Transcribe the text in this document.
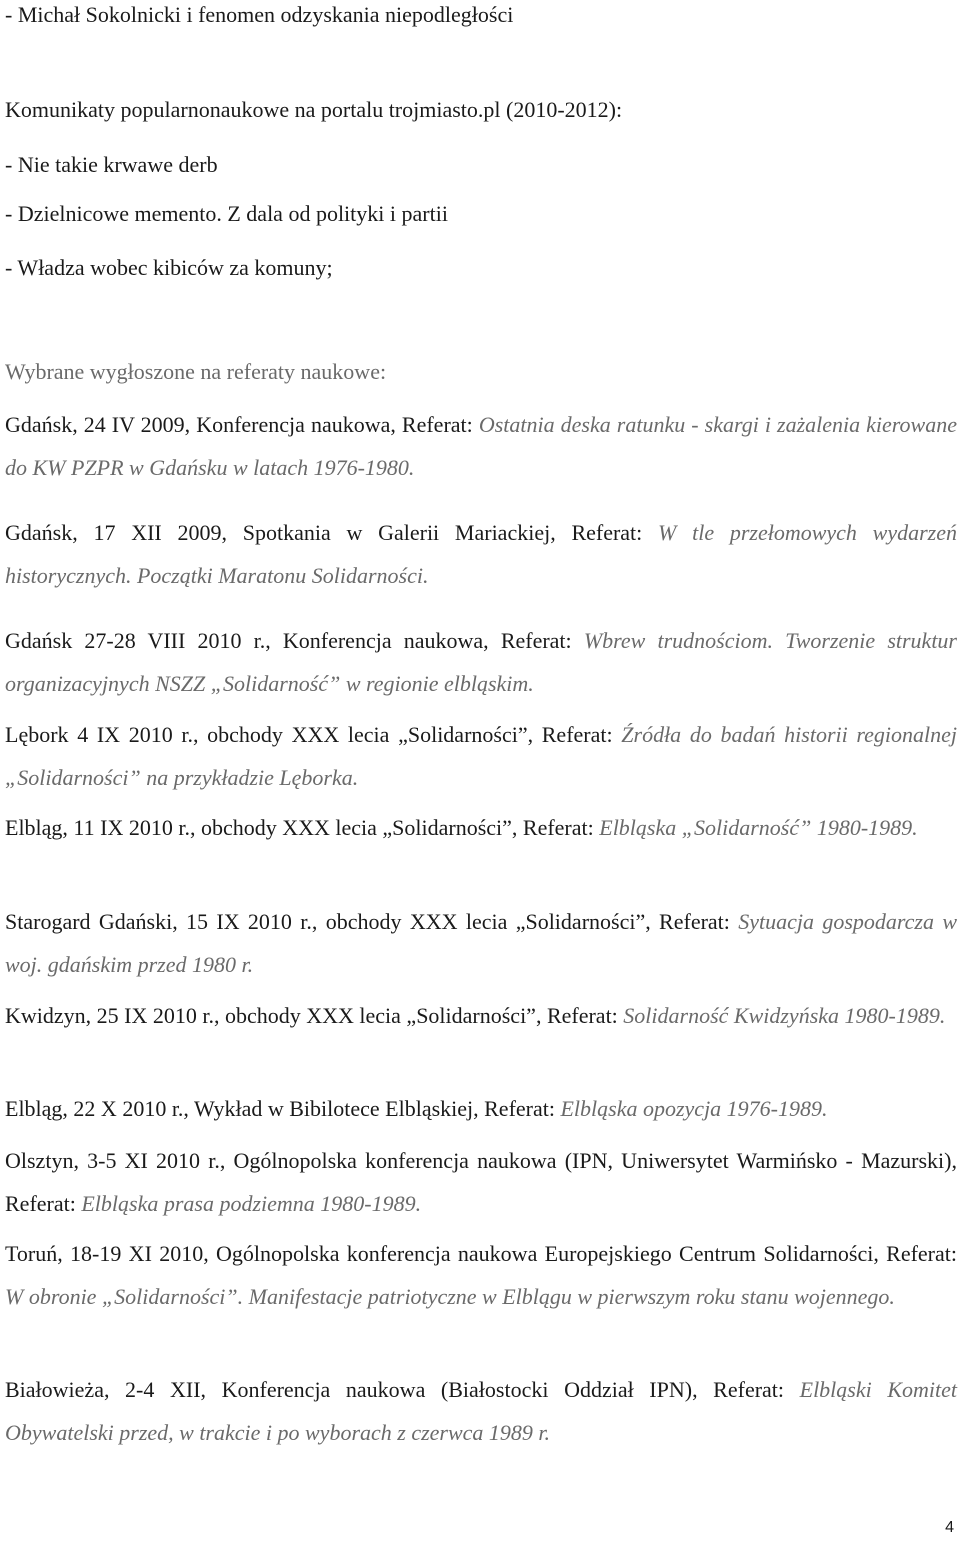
- Michał Sokolnicki i fenomen odzyskania niepodległości

Komunikaty popularnonaukowe na portalu trojmiasto.pl (2010-2012):

- Nie takie krwawe derb

- Dzielnicowe memento. Z dala od polityki i partii

- Władza wobec kibiców za komuny;

Wybrane wygłoszone na referaty naukowe:

Gdańsk, 24 IV 2009, Konferencja naukowa, Referat: Ostatnia deska ratunku - skargi i zażalenia kierowane do KW PZPR w Gdańsku w latach 1976-1980.

Gdańsk, 17 XII 2009, Spotkania w Galerii Mariackiej, Referat: W tle przełomowych wydarzeń historycznych. Początki Maratonu Solidarności.

Gdańsk 27-28 VIII 2010 r., Konferencja naukowa, Referat: Wbrew trudnościom. Tworzenie struktur organizacyjnych NSZZ „Solidarność” w regionie elbląskim.

Lębork 4 IX 2010 r., obchody XXX lecia „Solidarności”, Referat: Źródła do badań historii regionalnej „Solidarności” na przykładzie Lęborka.

Elbląg, 11 IX 2010 r., obchody XXX lecia „Solidarności”, Referat: Elbląska „Solidarność” 1980-1989.

Starogard Gdański, 15 IX 2010 r., obchody XXX lecia „Solidarności”, Referat: Sytuacja gospodarcza w woj. gdańskim przed 1980 r.

Kwidzyn, 25 IX 2010 r., obchody XXX lecia „Solidarności”, Referat: Solidarność Kwidzyńska 1980-1989.

Elbląg, 22 X 2010 r., Wykład w Bibilotece Elbląskiej, Referat: Elbląska opozycja 1976-1989.

Olsztyn, 3-5 XI 2010 r., Ogólnopolska konferencja naukowa (IPN, Uniwersytet Warmińsko - Mazurski), Referat: Elbląska prasa podziemna 1980-1989.

Toruń, 18-19 XI 2010, Ogólnopolska konferencja naukowa Europejskiego Centrum Solidarności, Referat: W obronie „Solidarności”. Manifestacje patriotyczne w Elblągu w pierwszym roku stanu wojennego.

Białowieża, 2-4 XII, Konferencja naukowa (Białostocki Oddział IPN), Referat: Elbląski Komitet Obywatelski przed, w trakcie i po wyborach z czerwca 1989 r.

4
